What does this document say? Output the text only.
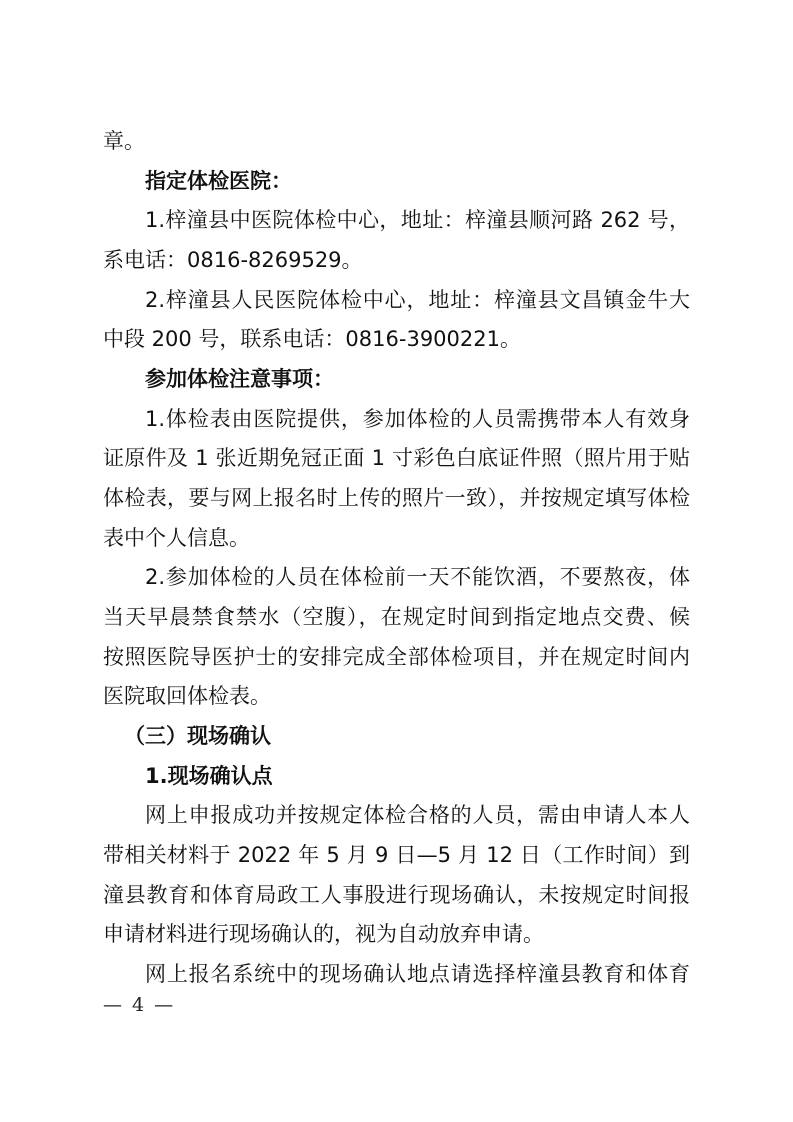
章。
指定体检医院：
1.梓潼县中医院体检中心，地址：梓潼县顺河路 262 号，
系电话：0816-8269529。
2.梓潼县人民医院体检中心，地址：梓潼县文昌镇金牛大
中段 200 号，联系电话：0816-3900221。
参加体检注意事项：
1.体检表由医院提供，参加体检的人员需携带本人有效身
证原件及 1 张近期免冠正面 1 寸彩色白底证件照（照片用于贴
体检表，要与网上报名时上传的照片一致），并按规定填写体检
表中个人信息。
2.参加体检的人员在体检前一天不能饮酒，不要熬夜，体
当天早晨禁食禁水（空腹），在规定时间到指定地点交费、候
按照医院导医护士的安排完成全部体检项目，并在规定时间内
医院取回体检表。
（三）现场确认
1.现场确认点
网上申报成功并按规定体检合格的人员，需由申请人本人
带相关材料于 2022 年 5 月 9 日—5 月 12 日（工作时间）到
潼县教育和体育局政工人事股进行现场确认，未按规定时间报
申请材料进行现场确认的，视为自动放弃申请。
网上报名系统中的现场确认地点请选择梓潼县教育和体育
— 4 —
